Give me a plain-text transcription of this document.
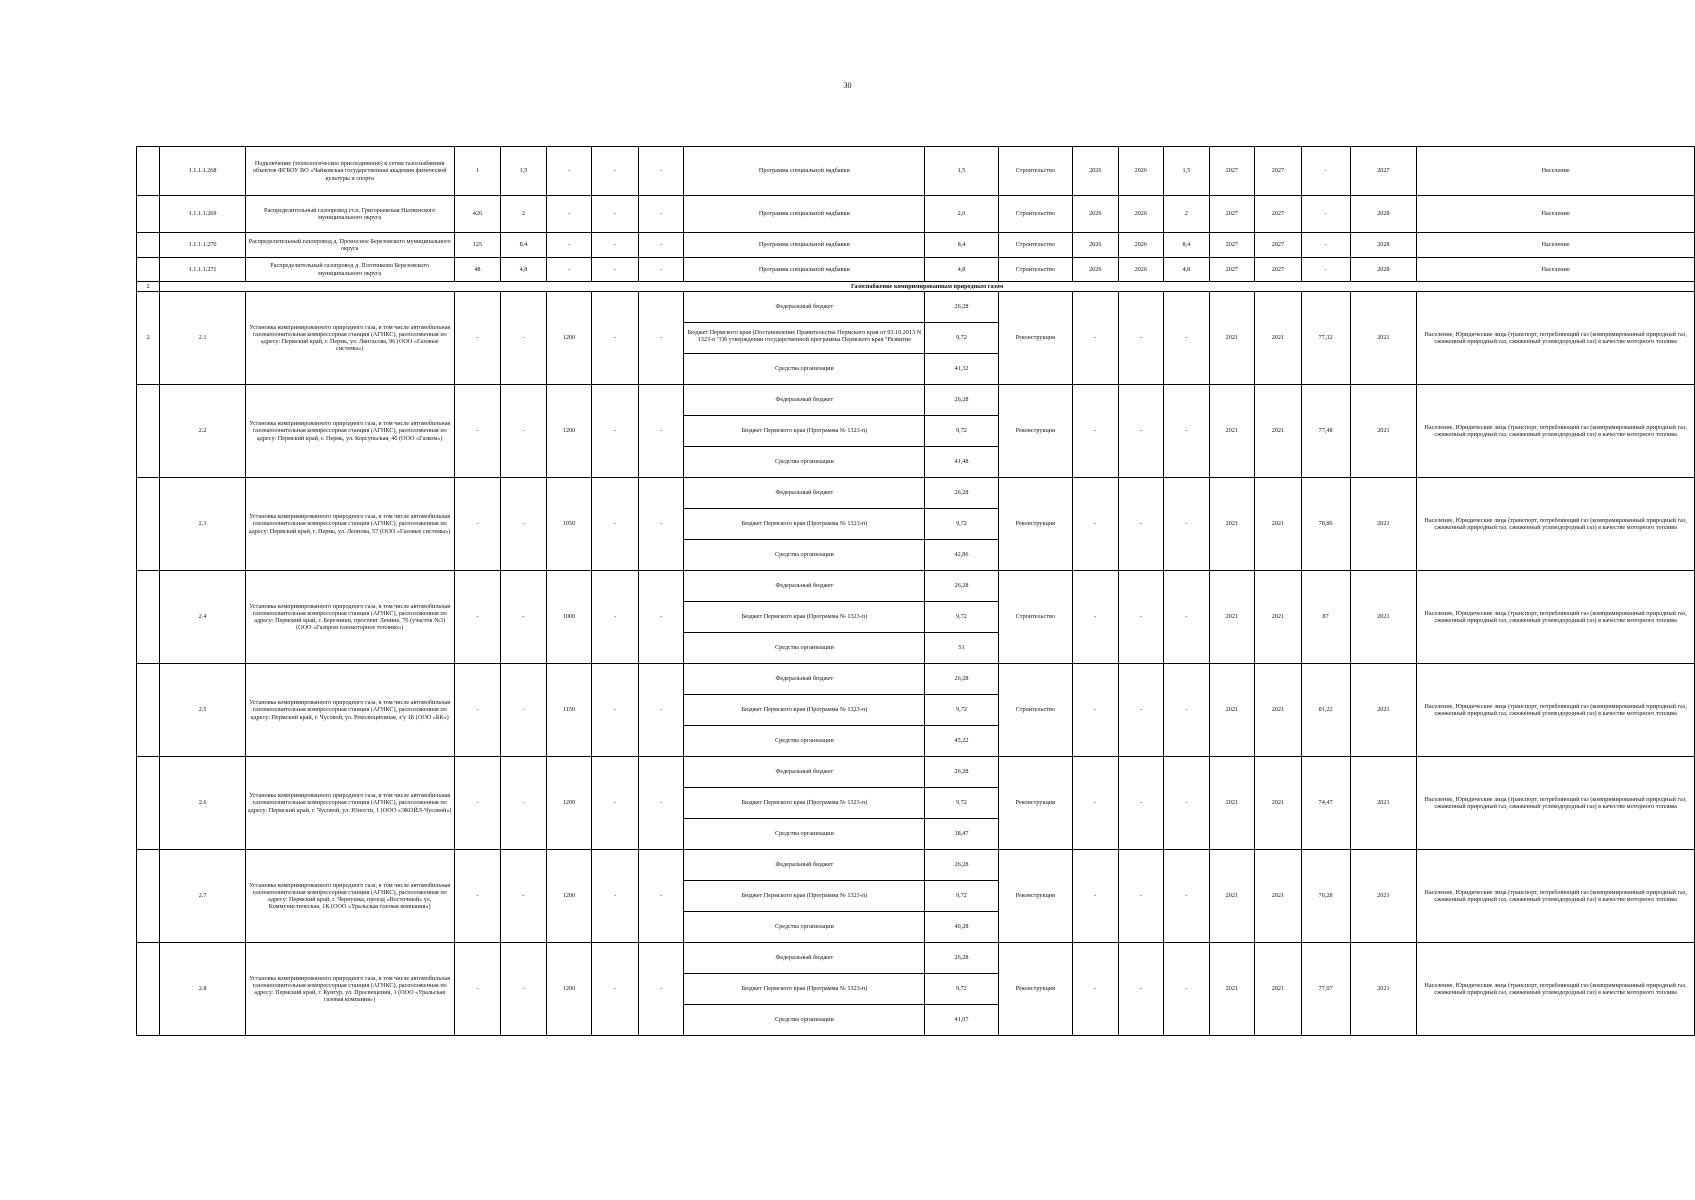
30
	1.1.1.1.268	Подключение (технологическое присоединение) к сетям газоснабжения объектов ФГБОУ ВО «Чайковская государственная академия физической культуры и спорта	1	1,5	-	-	-	Программа специальной надбавки	1,5	Строительство	2026	2026	1,5	2027	2027	-	2027	Население
	1.1.1.1.269	Распределительный газопровод ст.п. Григорьевская Нытвенского муниципального округа	426	2	-	-	-	Программа специальной надбавки	2,0	Строительство	2026	2026	2	2027	2027	-	2028	Население
	1.1.1.1.270	Распределительный газопровод д. Проносное Березовского муниципального округа	125	8,4	-	-	-	Программа специальной надбавки	8,4	Строительство	2026	2026	8,4	2027	2027	-	2028	Население
	1.1.1.1.271	Распределительный газопровод д. Плотниково Березовского муниципального округа	48	4,8	-	-	-	Программа специальной надбавки	4,8	Строительство	2026	2026	4,8	2027	2027	-	2028	Население
2	Газоснабжение компримированным природным газом																	
2	2.1	Установка компримированного природного газа, в том числе автомобильная газонаполнительная компрессорная станция (АГНКС), расположенная по адресу: Пермский край, г. Пермь, ул. Лянгасова, 96 (ООО «Газовые системы»)	-	-	1200	-	-	Федеральный бюджет	26,28	Реконструкция	-	-	-	2021	2021	77,32	2021	Население, Юридические лица (транспорт, потребляющий газ (компримированный природный газ, сжиженный природный газ, сжиженный углеводородный газ) в качестве моторного топлива

								Бюджет Пермского края (Постановление Правительства Пермского края от 03.10.2013 N 1323-п "Об утверждении государственной программы Пермского края "Развитие	9,72									
								Средства организации	41,32									
	2.2	Установка компримированного природного газа, в том числе автомобильная газонаполнительная компрессорная станция (АГНКС), расположенная по адресу: Пермский край, г. Пермь, ул. Корсуньская, 40 (ООО «Газком»)	-	-	1200	-	-	Федеральный бюджет	26,28	Реконструкция	-	-	-	2021	2021	77,48	2021	Население, Юридические лица (транспорт, потребляющий газ (компримированный природный газ, сжиженный природный газ, сжиженный углеводородный газ) в качестве моторного топлива
								Бюджет Пермского края (Программа № 1323-п)	9,72									
								Средства организации	41,48									
	2.3	Установка компримированного природного газа, в том числе автомобильная газонаполнительная компрессорная станция (АГНКС), расположенная по адресу: Пермский край, г. Пермь, ул. Леонова, 57 (ООО «Газовые системы»)	-	-	1050	-	-	Федеральный бюджет	26,28	Реконструкция	-	-	-	2021	2021	78,86	2021	Население, Юридические лица (транспорт, потребляющий газ (компримированный природный газ, сжиженный природный газ, сжиженный углеводородный газ) в качестве моторного топлива
								Бюджет Пермского края (Программа № 1323-п)	9,72									
								Средства организации	42,86									
	2.4	Установка компримированного природного газа, в том числе автомобильная газонаполнительная компрессорная станция (АГНКС), расположенная по адресу: Пермский край, г. Березники, проспект Ленина, 76 (участок №3) (ООО «Газпром газомоторное топливо»)	-	-	1000	-	-	Федеральный бюджет	26,28	Строительство	-	-	-	2021	2021	87	2021	Население, Юридические лица (транспорт, потребляющий газ (компримированный природный газ, сжиженный природный газ, сжиженный углеводородный газ) в качестве моторного топлива
								Бюджет Пермского края (Программа № 1323-п)	9,72									
								Средства организации	51									
	2.5	Установка компримированного природного газа, в том числе автомобильная газонаполнительная компрессорная станция (АГНКС), расположенная по адресу: Пермский край, г. Чусовой, ул. Революционная, з/у 1Б (ООО «БК»)	-	-	1150	-	-	Федеральный бюджет	26,28	Строительство	-	-	-	2021	2021	81,22	2021	Население, Юридические лица (транспорт, потребляющий газ (компримированный природный газ, сжиженный природный газ, сжиженный углеводородный газ) в качестве моторного топлива
								Бюджет Пермского края (Программа № 1323-п)	9,72									
								Средства организации	45,22									
	2.6	Установка компримированного природного газа, в том числе автомобильная газонаполнительная компрессорная станция (АГНКС), расположенная по адресу: Пермский край, г. Чусовой, ул. Юности, 1 (ООО «ЭКОЙЛ-Чусовой»)	-	-	1200	-	-	Федеральный бюджет	26,28	Реконструкция	-	-	-	2021	2021	74,47	2021	Население, Юридические лица (транспорт, потребляющий газ (компримированный природный газ, сжиженный природный газ, сжиженный углеводородный газ) в качестве моторного топлива
								Бюджет Пермского края (Программа № 1323-п)	9,72									
								Средства организации	38,47									
	2.7	Установка компримированного природного газа, в том числе автомобильная газонаполнительная компрессорная станция (АГНКС), расположенная по адресу: Пермский край, г. Чернушка, проезд «Восточный» ул. Коммунистическая, 1К (ООО «Уральская газовая компания»)	-	-	1200	-	-	Федеральный бюджет	26,28	Реконструкция	-	-	-	2021	2021	76,28	2021	Население, Юридические лица (транспорт, потребляющий газ (компримированный природный газ, сжиженный природный газ, сжиженный углеводородный газ) в качестве моторного топлива
								Бюджет Пермского края (Программа № 1323-п)	9,72									
								Средства организации	40,28									
	2.8	Установка компримированного природного газа, в том числе автомобильная газонаполнительная компрессорная станция (АГНКС), расположенная по адресу: Пермский край, г. Кунгур, ул. Просвещения, 1 (ООО «Уральская газовая компания»)	-	-	1200	-	-	Федеральный бюджет	26,28	Реконструкция	-	-	-	2021	2021	77,07	2021	Население, Юридические лица (транспорт, потребляющий газ (компримированный природный газ, сжиженный природный газ, сжиженный углеводородный газ) в качестве моторного топлива
								Бюджет Пермского края (Программа № 1323-п)	9,72									
								Средства организации	41,07									
